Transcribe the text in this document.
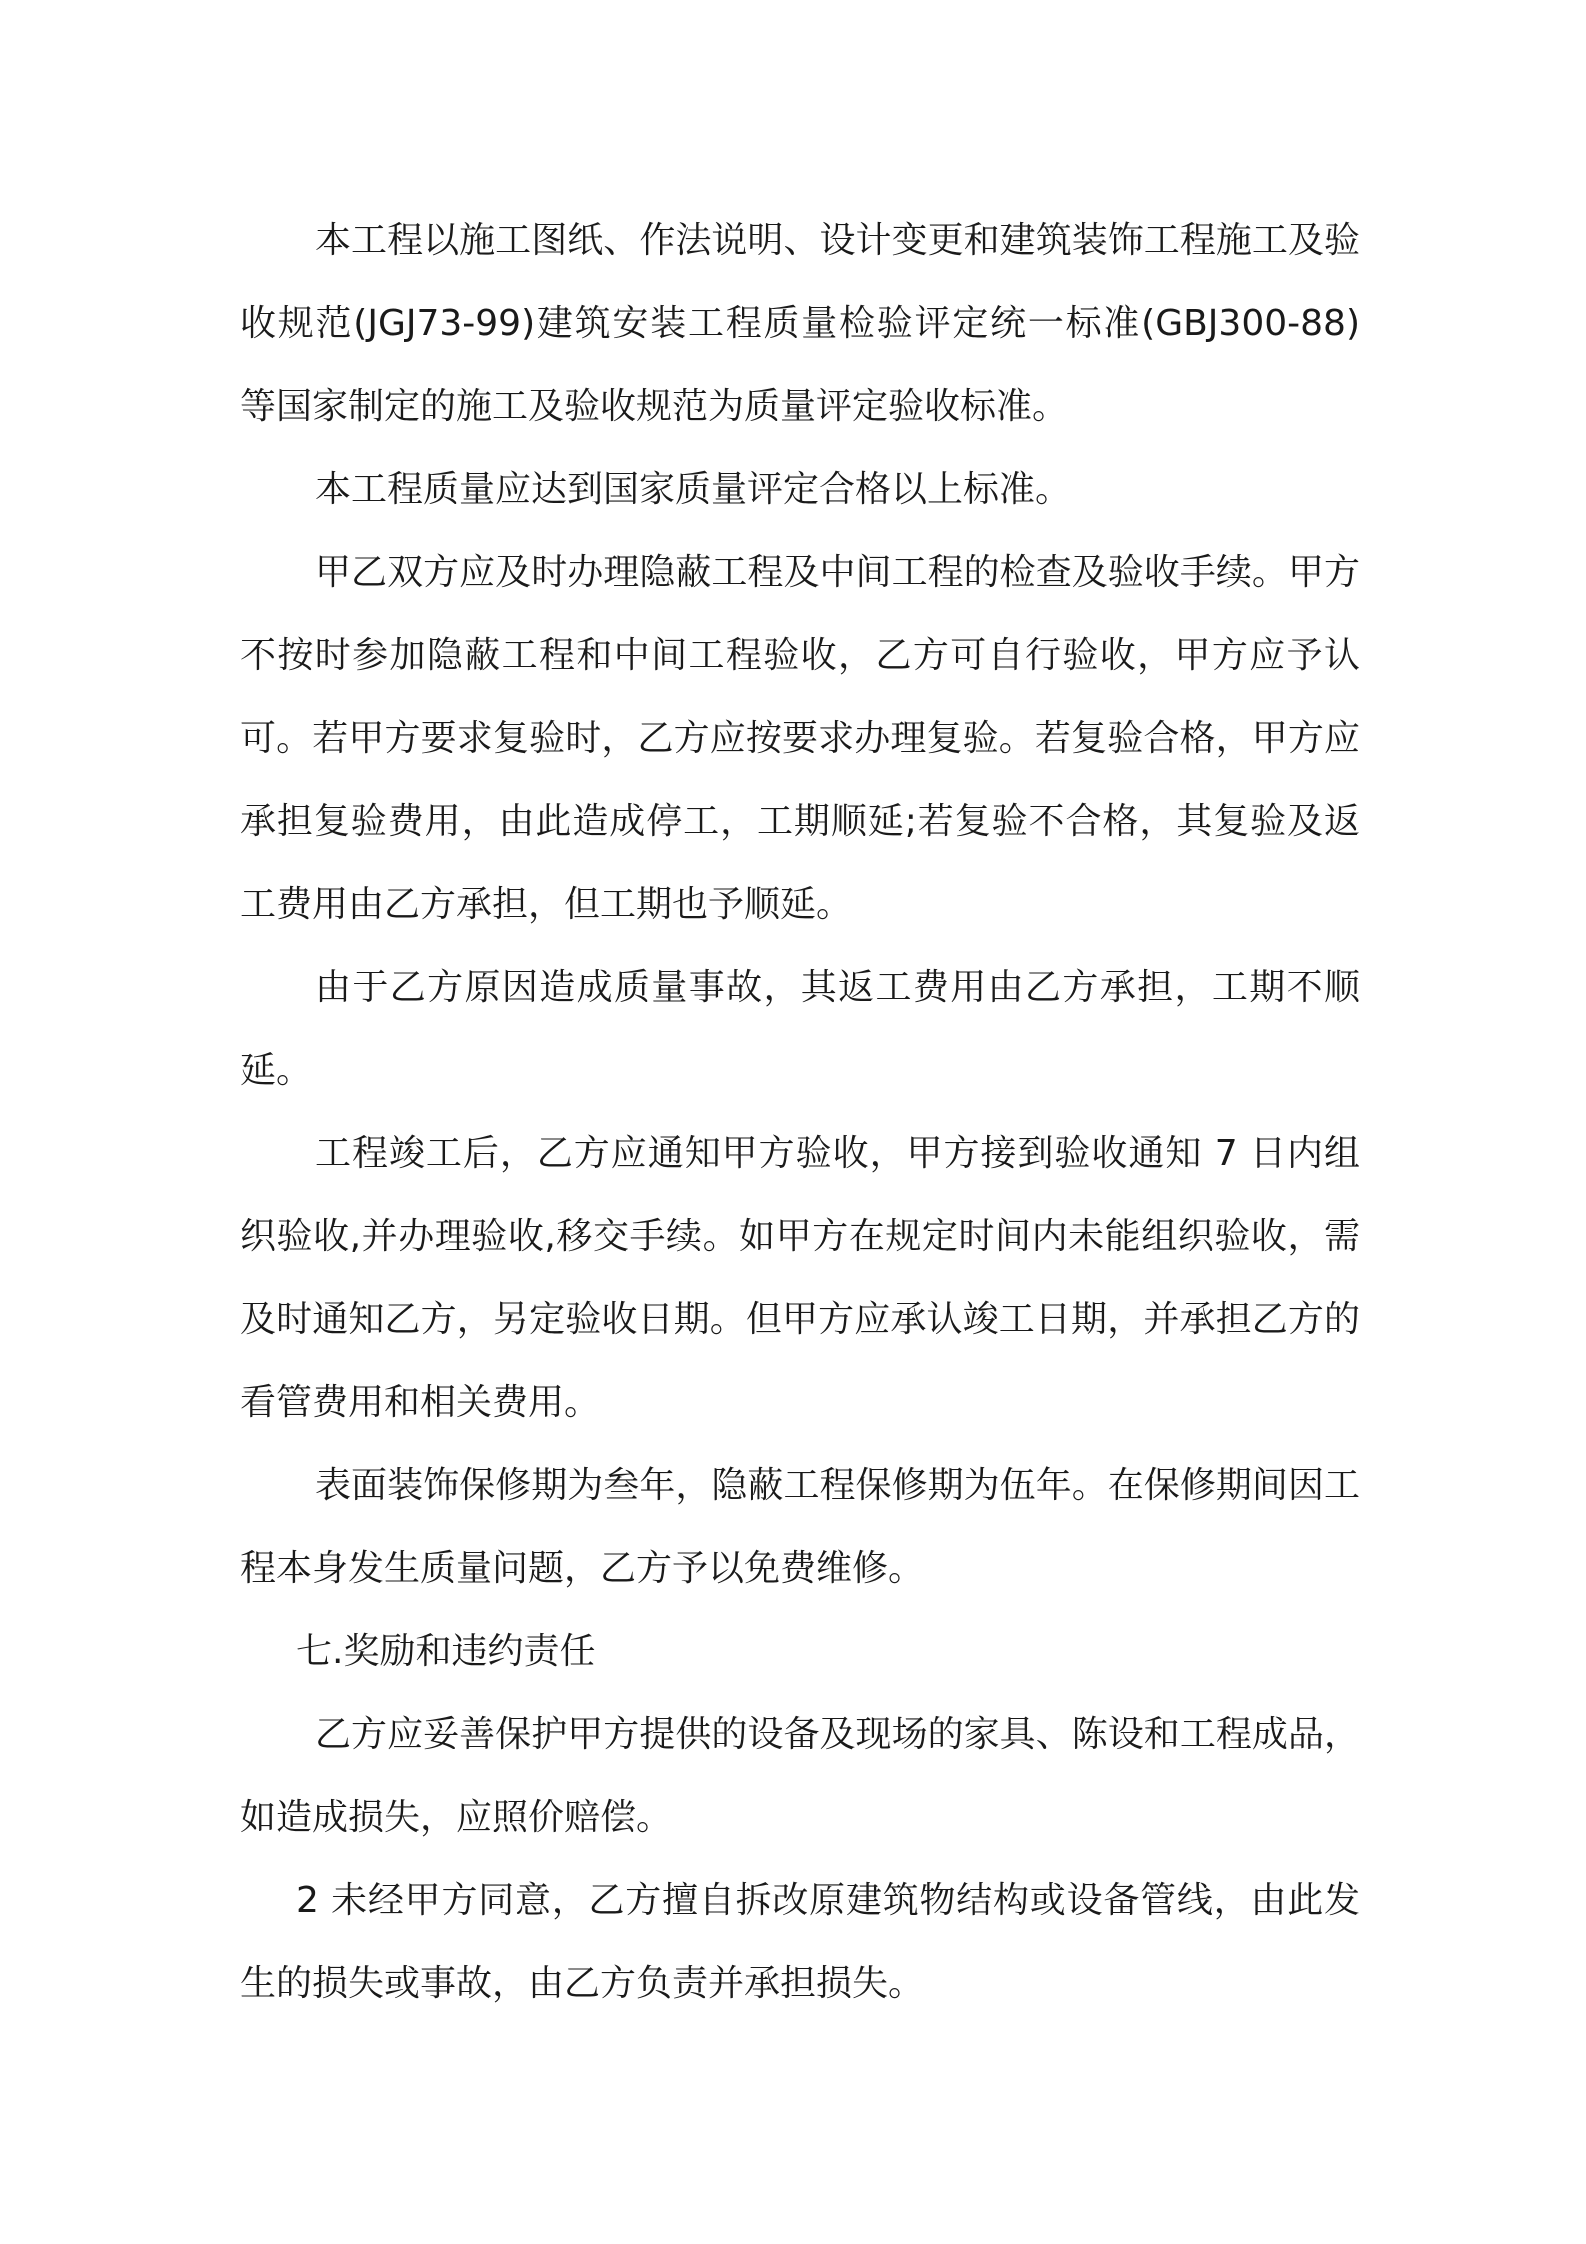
本工程以施工图纸、作法说明、设计变更和建筑装饰工程施工及验收规范(JGJ73-99)建筑安装工程质量检验评定统一标准(GBJ300-88)等国家制定的施工及验收规范为质量评定验收标准。

本工程质量应达到国家质量评定合格以上标准。

甲乙双方应及时办理隐蔽工程及中间工程的检查及验收手续。甲方不按时参加隐蔽工程和中间工程验收，乙方可自行验收，甲方应予认可。若甲方要求复验时，乙方应按要求办理复验。若复验合格，甲方应承担复验费用，由此造成停工，工期顺延;若复验不合格，其复验及返工费用由乙方承担，但工期也予顺延。

由于乙方原因造成质量事故，其返工费用由乙方承担，工期不顺延。

工程竣工后，乙方应通知甲方验收，甲方接到验收通知 7 日内组织验收,并办理验收,移交手续。如甲方在规定时间内未能组织验收，需及时通知乙方，另定验收日期。但甲方应承认竣工日期，并承担乙方的看管费用和相关费用。

表面装饰保修期为叁年，隐蔽工程保修期为伍年。在保修期间因工程本身发生质量问题，乙方予以免费维修。

七.奖励和违约责任

乙方应妥善保护甲方提供的设备及现场的家具、陈设和工程成品，如造成损失，应照价赔偿。

2 未经甲方同意，乙方擅自拆改原建筑物结构或设备管线，由此发生的损失或事故，由乙方负责并承担损失。
